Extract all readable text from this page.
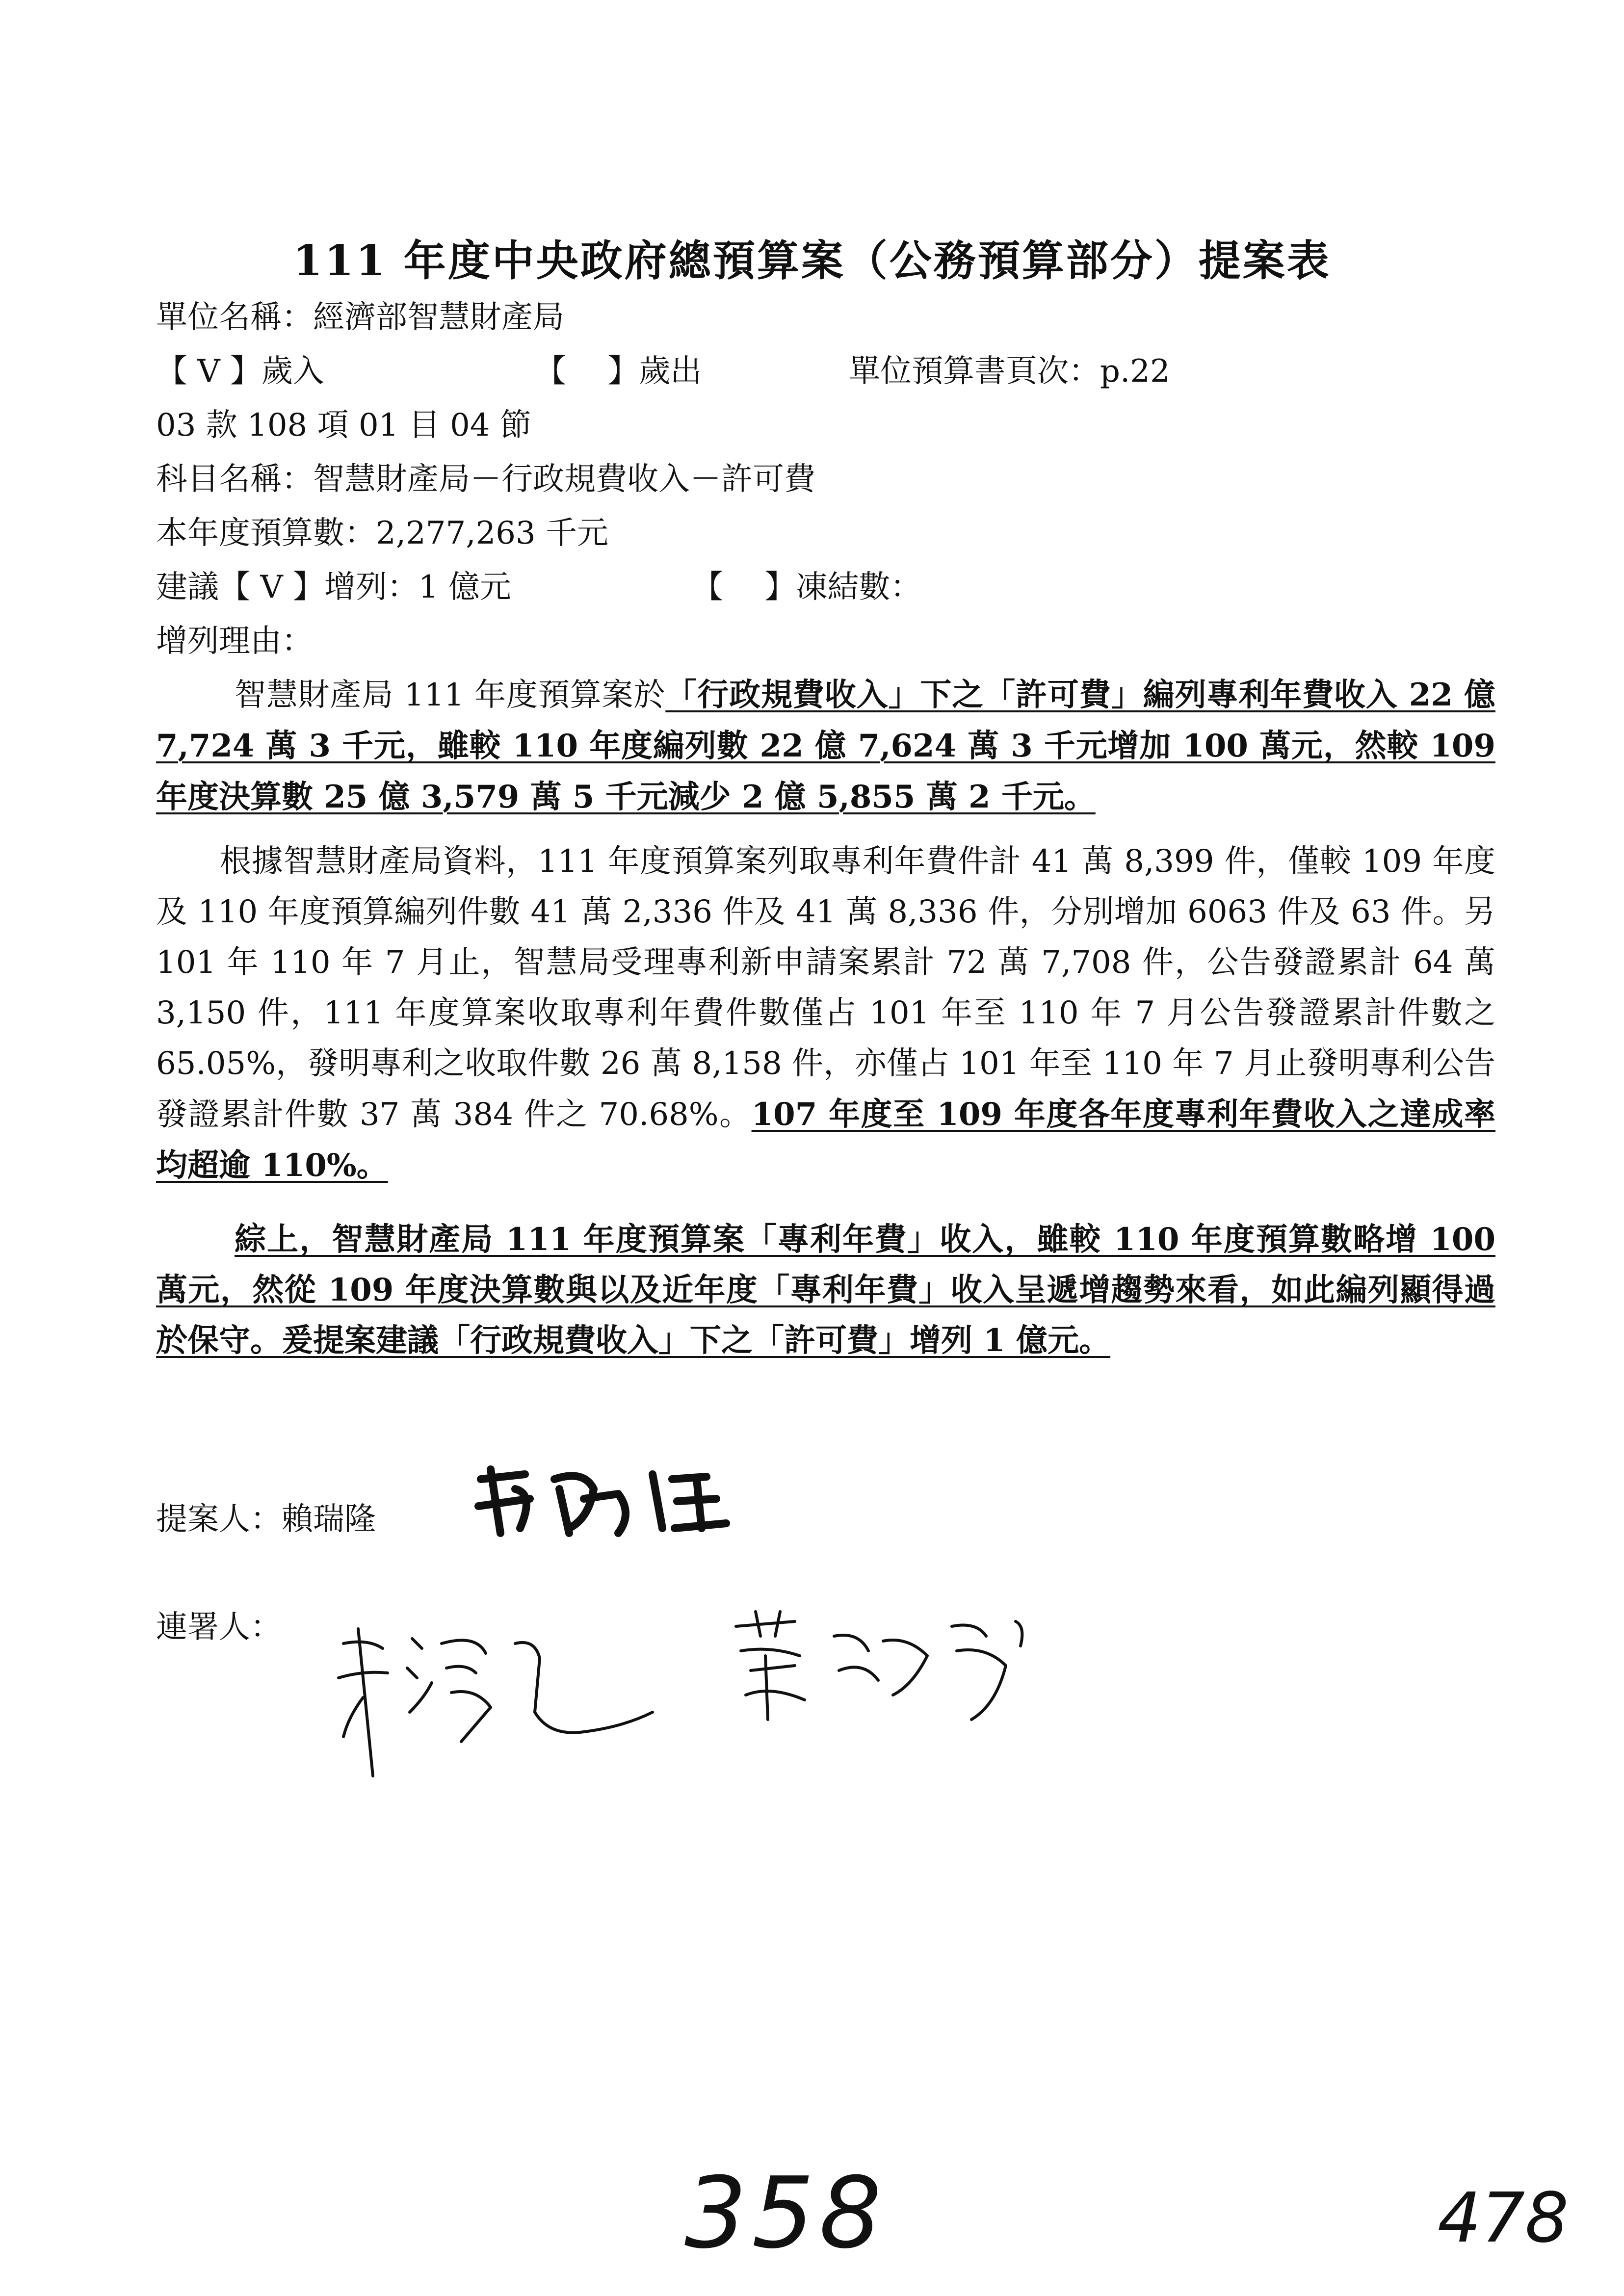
111 年度中央政府總預算案（公務預算部分）提案表
單位名稱：經濟部智慧財產局
【 V 】歲入	【　 】歲出	單位預算書頁次：p.22
03 款 108 項 01 目 04 節
科目名稱：智慧財產局－行政規費收入－許可費
本年度預算數：2,277,263 千元
建議【 V 】增列：1 億元	【　 】凍結數：
增列理由：
智慧財產局 111 年度預算案於「行政規費收入」下之「許可費」編列專利年費收入 22 億 7,724 萬 3 千元，雖較 110 年度編列數 22 億 7,624 萬 3 千元增加 100 萬元，然較 109 年度決算數 25 億 3,579 萬 5 千元減少 2 億 5,855 萬 2 千元。
根據智慧財產局資料，111 年度預算案列取專利年費件計 41 萬 8,399 件，僅較 109 年度及 110 年度預算編列件數 41 萬 2,336 件及 41 萬 8,336 件，分別增加 6063 件及 63 件。另 101 年 110 年 7 月止，智慧局受理專利新申請案累計 72 萬 7,708 件，公告發證累計 64 萬 3,150 件，111 年度算案收取專利年費件數僅占 101 年至 110 年 7 月公告發證累計件數之 65.05%，發明專利之收取件數 26 萬 8,158 件，亦僅占 101 年至 110 年 7 月止發明專利公告發證累計件數 37 萬 384 件之 70.68%。107 年度至 109 年度各年度專利年費收入之達成率均超逾 110%。
綜上，智慧財產局 111 年度預算案「專利年費」收入，雖較 110 年度預算數略增 100 萬元，然從 109 年度決算數與以及近年度「專利年費」收入呈遞增趨勢來看，如此編列顯得過於保守。爰提案建議「行政規費收入」下之「許可費」增列 1 億元。
提案人：賴瑞隆
連署人：
358	478
